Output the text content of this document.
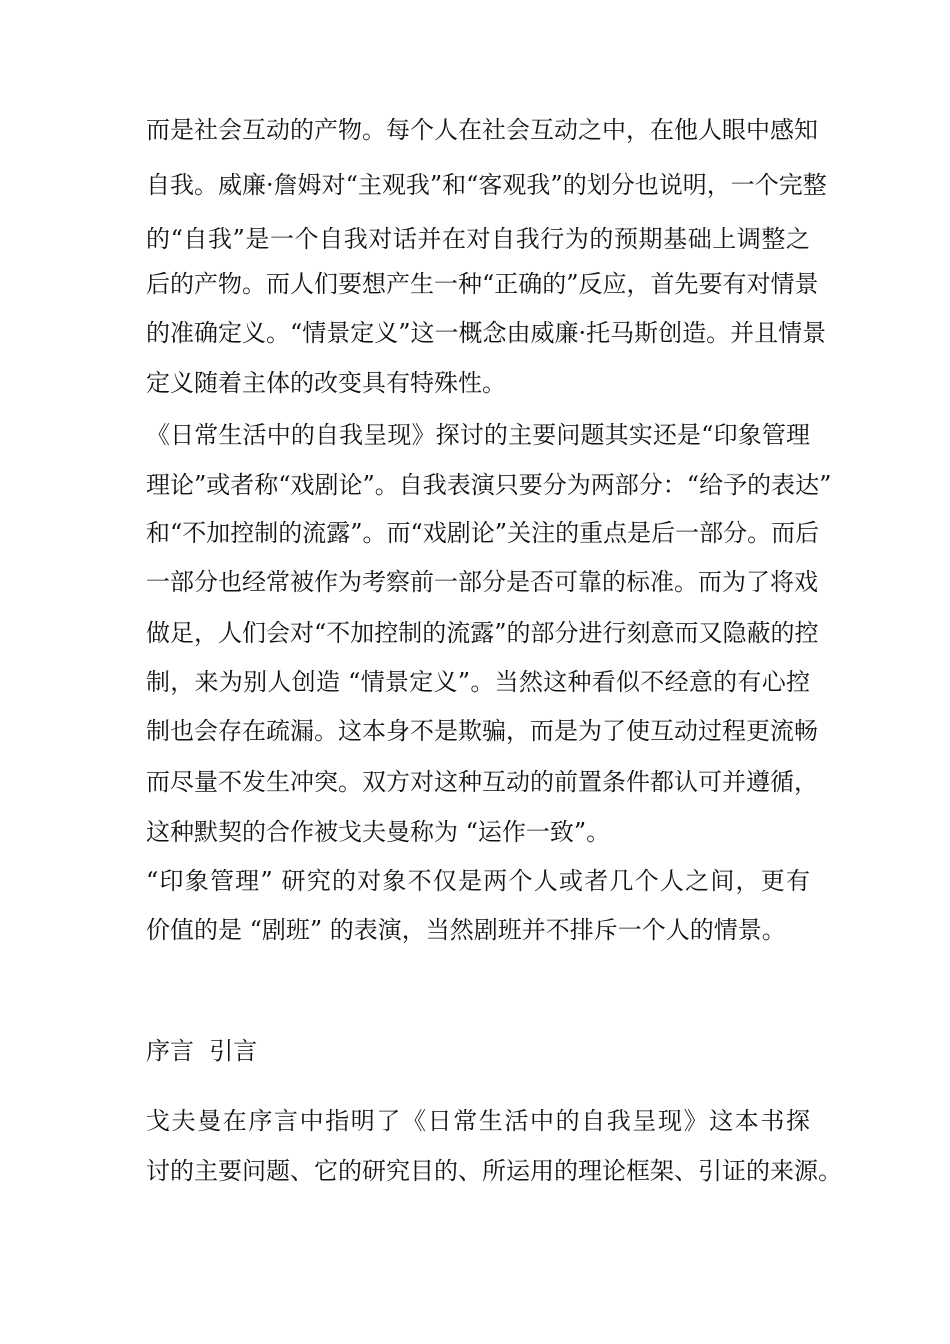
而是社会互动的产物。每个人在社会互动之中，在他人眼中感知
自我。威廉·詹姆对“主观我”和“客观我”的划分也说明，一个完整
的“自我”是一个自我对话并在对自我行为的预期基础上调整之
后的产物。而人们要想产生一种“正确的”反应，首先要有对情景
的准确定义。“情景定义”这一概念由威廉·托马斯创造。并且情景
定义随着主体的改变具有特殊性。
《日常生活中的自我呈现》探讨的主要问题其实还是“印象管理
理论”或者称“戏剧论”。自我表演只要分为两部分：“给予的表达”
和“不加控制的流露”。而“戏剧论”关注的重点是后一部分。而后
一部分也经常被作为考察前一部分是否可靠的标准。而为了将戏
做足，人们会对“不加控制的流露”的部分进行刻意而又隐蔽的控
制，来为别人创造 “情景定义”。当然这种看似不经意的有心控
制也会存在疏漏。这本身不是欺骗，而是为了使互动过程更流畅
而尽量不发生冲突。双方对这种互动的前置条件都认可并遵循，
这种默契的合作被戈夫曼称为 “运作一致”。
“印象管理” 研究的对象不仅是两个人或者几个人之间，更有
价值的是 “剧班” 的表演，当然剧班并不排斥一个人的情景。
序言  引言
戈夫曼在序言中指明了《日常生活中的自我呈现》这本书探
讨的主要问题、它的研究目的、所运用的理论框架、引证的来源。
